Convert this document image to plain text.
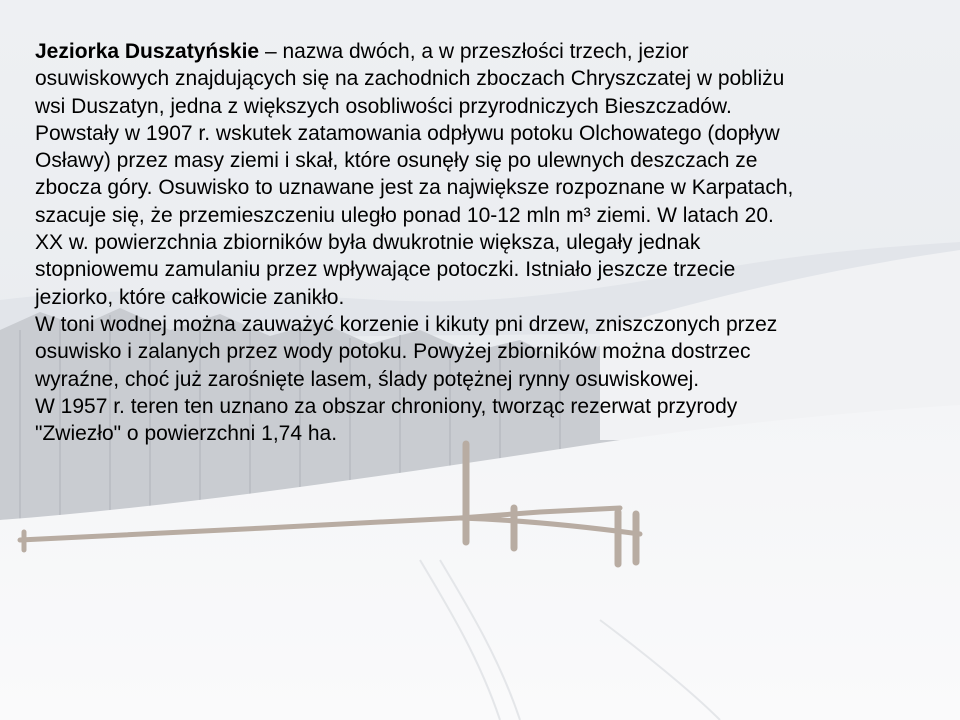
Jeziorka Duszatyńskie – nazwa dwóch, a w przeszłości trzech, jezior
osuwiskowych znajdujących się na zachodnich zboczach Chryszczatej w pobliżu
wsi Duszatyn, jedna z większych osobliwości przyrodniczych Bieszczadów.
Powstały w 1907 r. wskutek zatamowania odpływu potoku Olchowatego (dopływ
Osławy) przez masy ziemi i skał, które osunęły się po ulewnych deszczach ze
zbocza góry. Osuwisko to uznawane jest za największe rozpoznane w Karpatach,
szacuje się, że przemieszczeniu uległo ponad 10-12 mln m³ ziemi. W latach 20.
XX w. powierzchnia zbiorników była dwukrotnie większa, ulegały jednak
stopniowemu zamulaniu przez wpływające potoczki. Istniało jeszcze trzecie
jeziorko, które całkowicie zanikło.
W toni wodnej można zauważyć korzenie i kikuty pni drzew, zniszczonych przez
osuwisko i zalanych przez wody potoku. Powyżej zbiorników można dostrzec
wyraźne, choć już zarośnięte lasem, ślady potężnej rynny osuwiskowej.
W 1957 r. teren ten uznano za obszar chroniony, tworząc rezerwat przyrody
"Zwiezło" o powierzchni 1,74 ha.
